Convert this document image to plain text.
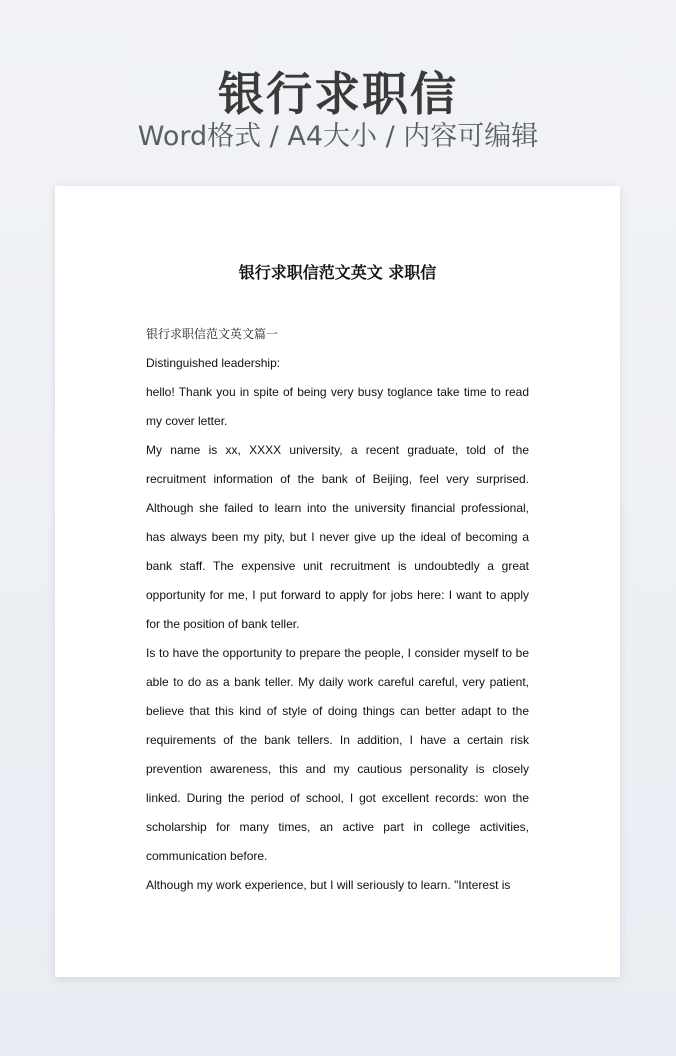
银行求职信
Word格式 / A4大小 / 内容可编辑
银行求职信范文英文 求职信

银行求职信范文英文篇一

Distinguished leadership:

hello! Thank you in spite of being very busy toglance take time to read my cover letter.

My name is xx, XXXX university, a recent graduate, told of the recruitment information of the bank of Beijing, feel very surprised. Although she failed to learn into the university financial professional, has always been my pity, but I never give up the ideal of becoming a bank staff. The expensive unit recruitment is undoubtedly a great opportunity for me, I put forward to apply for jobs here: I want to apply for the position of bank teller.

Is to have the opportunity to prepare the people, I consider myself to be able to do as a bank teller. My daily work careful careful, very patient, believe that this kind of style of doing things can better adapt to the requirements of the bank tellers. In addition, I have a certain risk prevention awareness, this and my cautious personality is closely linked. During the period of school, I got excellent records: won the scholarship for many times, an active part in college activities, communication before.

Although my work experience, but I will seriously to learn. "Interest is
